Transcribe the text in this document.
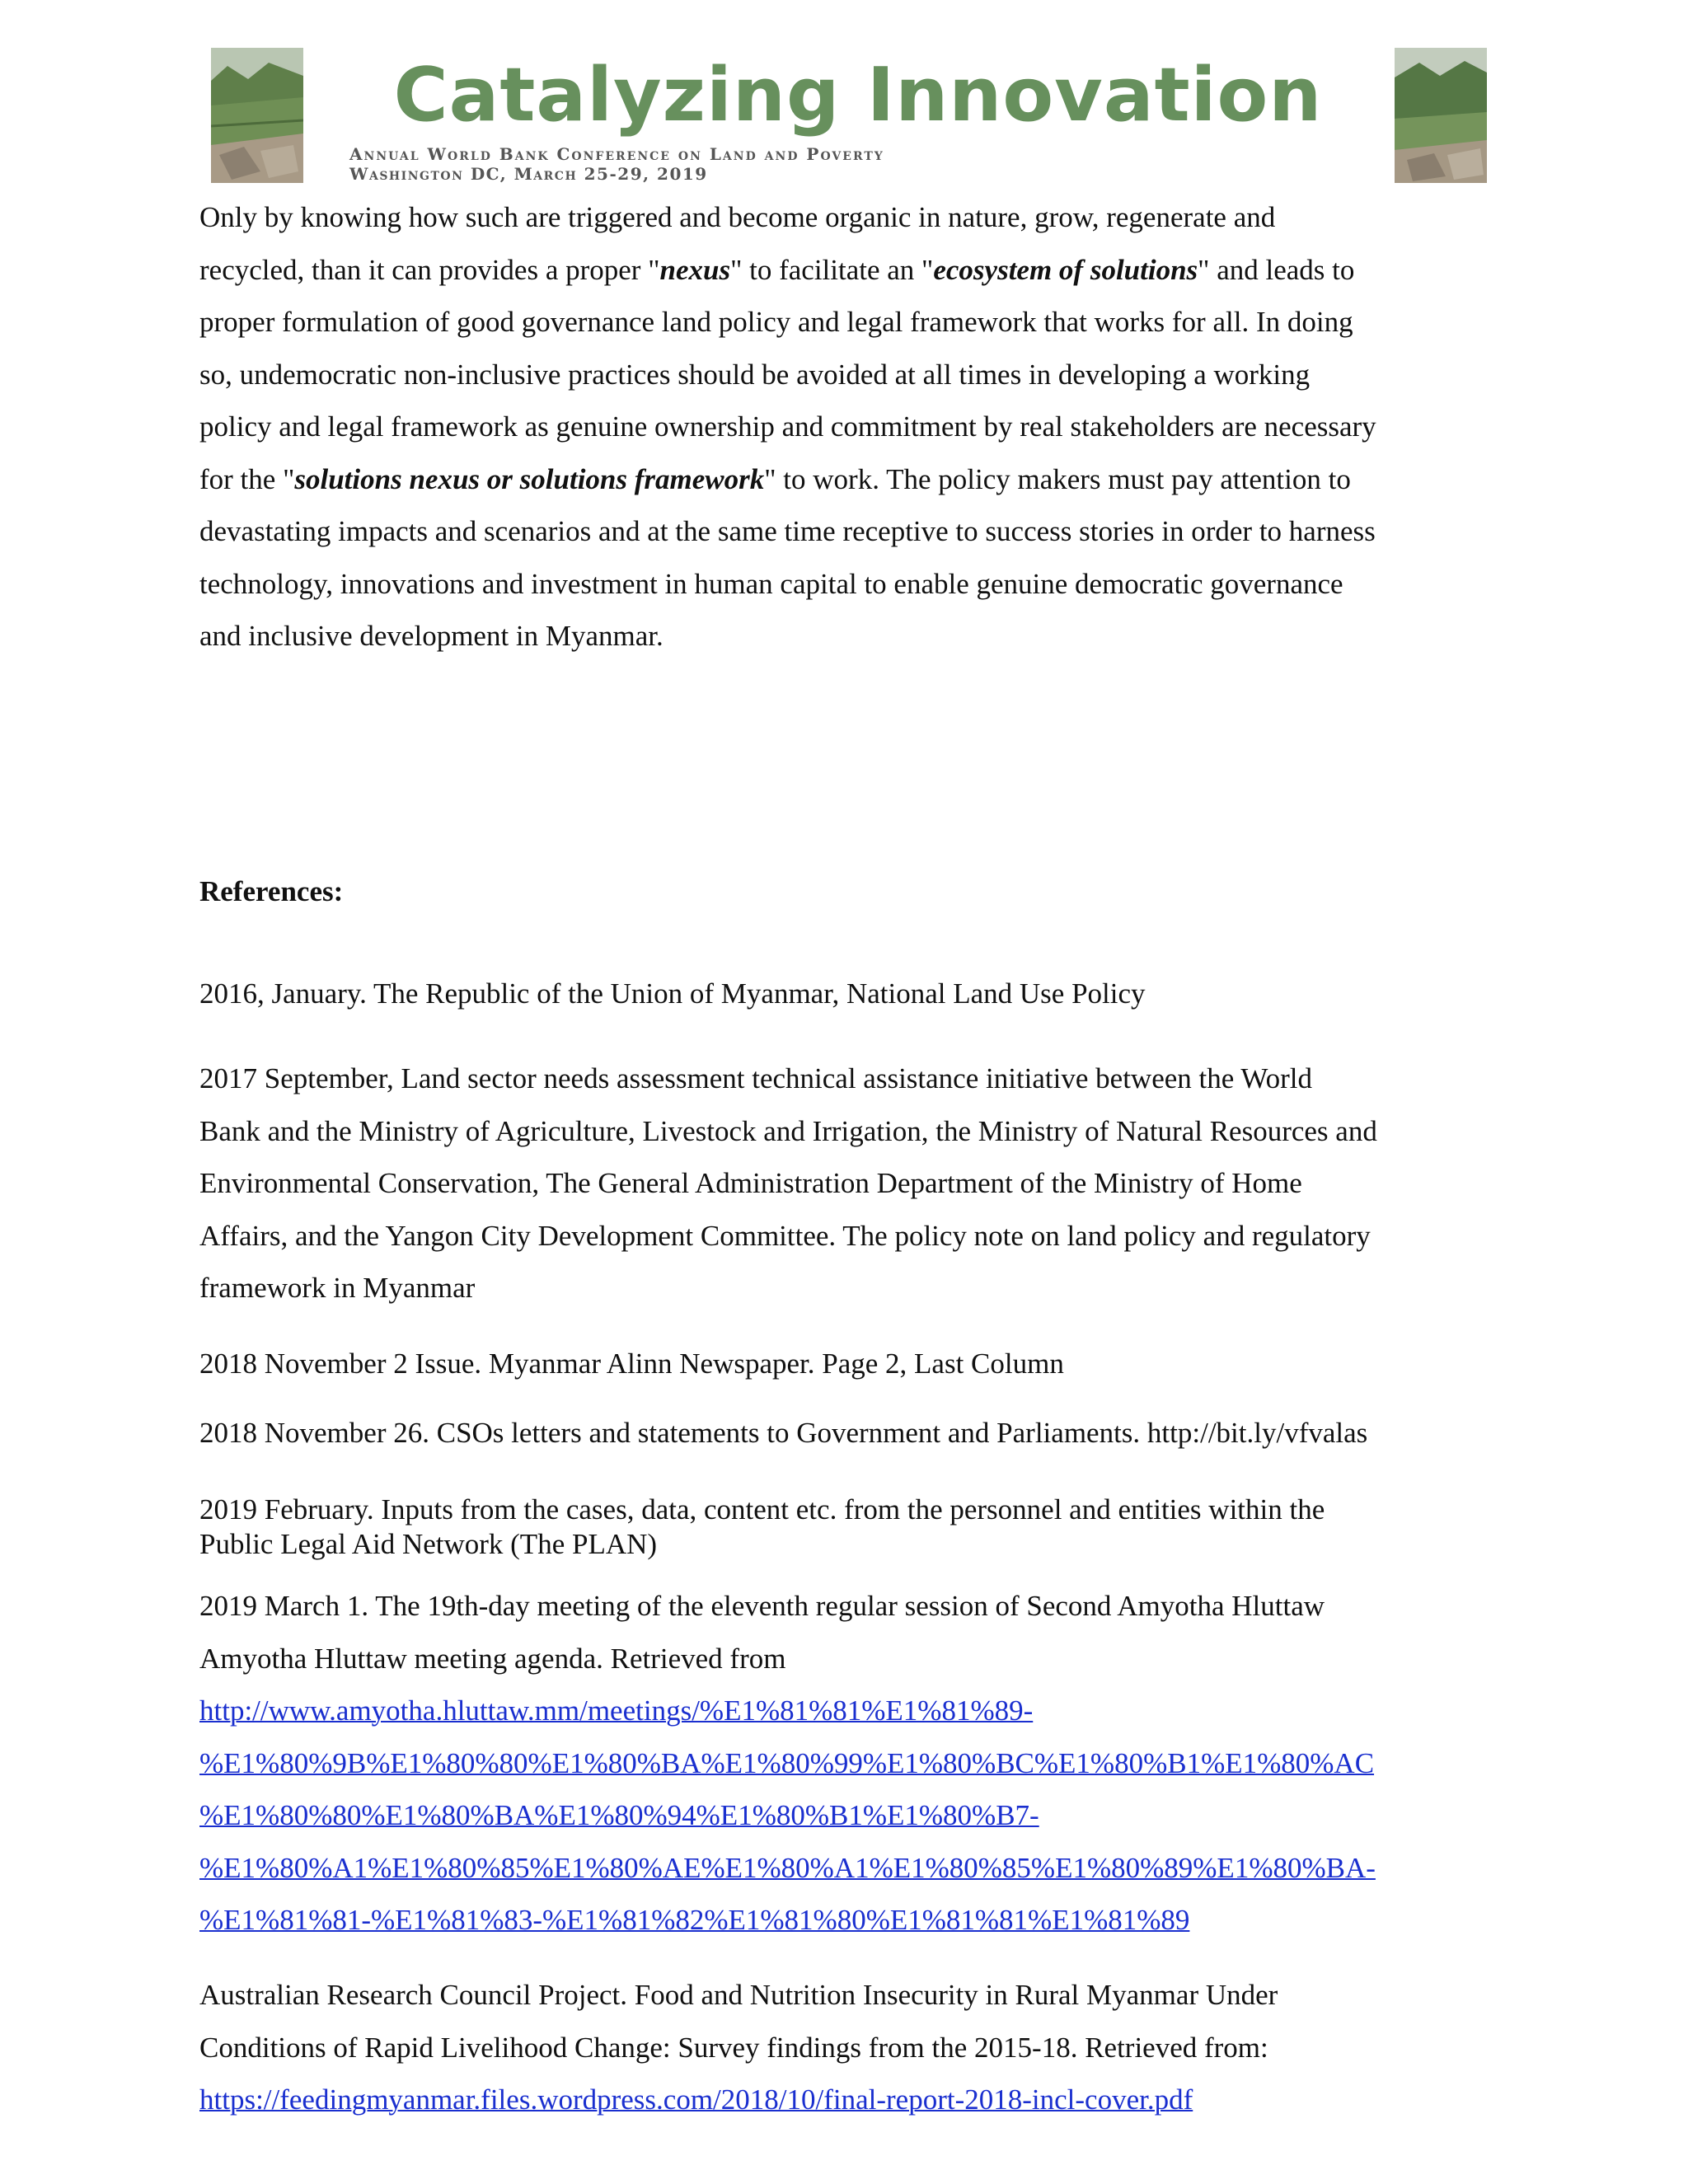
Catalyzing Innovation
Annual World Bank Conference on Land and Poverty
Washington DC, March 25-29, 2019

Only by knowing how such are triggered and become organic in nature, grow, regenerate and
recycled, than it can provides a proper "nexus" to facilitate an "ecosystem of solutions" and leads to
proper formulation of good governance land policy and legal framework that works for all. In doing
so, undemocratic non-inclusive practices should be avoided at all times in developing a working
policy and legal framework as genuine ownership and commitment by real stakeholders are necessary
for the "solutions nexus or solutions framework" to work. The policy makers must pay attention to
devastating impacts and scenarios and at the same time receptive to success stories in order to harness
technology, innovations and investment in human capital to enable genuine democratic governance
and inclusive development in Myanmar.

References:
2016, January. The Republic of the Union of Myanmar, National Land Use Policy
2017 September, Land sector needs assessment technical assistance initiative between the World
Bank and the Ministry of Agriculture, Livestock and Irrigation, the Ministry of Natural Resources and
Environmental Conservation, The General Administration Department of the Ministry of Home
Affairs, and the Yangon City Development Committee. The policy note on land policy and regulatory
framework in Myanmar
2018 November 2 Issue. Myanmar Alinn Newspaper. Page 2, Last Column
2018 November 26. CSOs letters and statements to Government and Parliaments. http://bit.ly/vfvalas
2019 February. Inputs from the cases, data, content etc. from the personnel and entities within the
Public Legal Aid Network (The PLAN)
2019 March 1. The 19th-day meeting of the eleventh regular session of Second Amyotha Hluttaw
Amyotha Hluttaw meeting agenda. Retrieved from
http://www.amyotha.hluttaw.mm/meetings/%E1%81%81%E1%81%89-
%E1%80%9B%E1%80%80%E1%80%BA%E1%80%99%E1%80%BC%E1%80%B1%E1%80%AC
%E1%80%80%E1%80%BA%E1%80%94%E1%80%B1%E1%80%B7-
%E1%80%A1%E1%80%85%E1%80%AE%E1%80%A1%E1%80%85%E1%80%89%E1%80%BA-
%E1%81%81-%E1%81%83-%E1%81%82%E1%81%80%E1%81%81%E1%81%89
Australian Research Council Project. Food and Nutrition Insecurity in Rural Myanmar Under
Conditions of Rapid Livelihood Change: Survey findings from the 2015-18. Retrieved from:
https://feedingmyanmar.files.wordpress.com/2018/10/final-report-2018-incl-cover.pdf
